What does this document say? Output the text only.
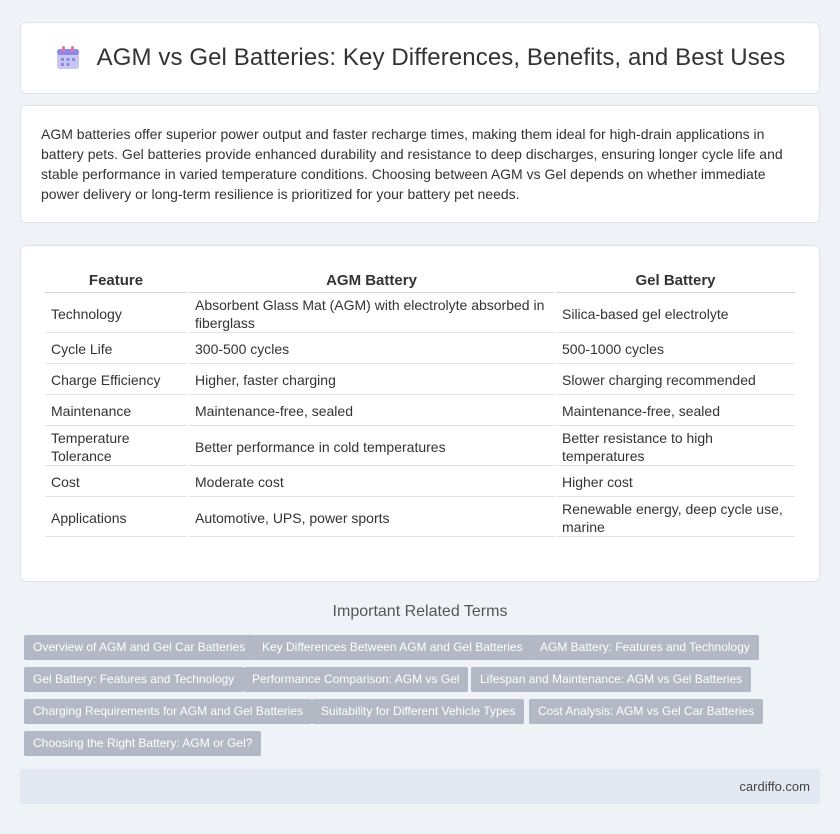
AGM vs Gel Batteries: Key Differences, Benefits, and Best Uses

AGM batteries offer superior power output and faster recharge times, making them ideal for high-drain applications in battery pets. Gel batteries provide enhanced durability and resistance to deep discharges, ensuring longer cycle life and stable performance in varied temperature conditions. Choosing between AGM vs Gel depends on whether immediate power delivery or long-term resilience is prioritized for your battery pet needs.

Feature	AGM Battery	Gel Battery
Technology	Absorbent Glass Mat (AGM) with electrolyte absorbed in fiberglass	Silica-based gel electrolyte
Cycle Life	300-500 cycles	500-1000 cycles
Charge Efficiency	Higher, faster charging	Slower charging recommended
Maintenance	Maintenance-free, sealed	Maintenance-free, sealed
Temperature Tolerance	Better performance in cold temperatures	Better resistance to high temperatures
Cost	Moderate cost	Higher cost
Applications	Automotive, UPS, power sports	Renewable energy, deep cycle use, marine
Important Related Terms
Overview of AGM and Gel Car Batteries	Key Differences Between AGM and Gel Batteries	AGM Battery: Features and Technology
Gel Battery: Features and Technology	Performance Comparison: AGM vs Gel	Lifespan and Maintenance: AGM vs Gel Batteries
Charging Requirements for AGM and Gel Batteries	Suitability for Different Vehicle Types	Cost Analysis: AGM vs Gel Car Batteries
Choosing the Right Battery: AGM or Gel?
cardiffo.com
